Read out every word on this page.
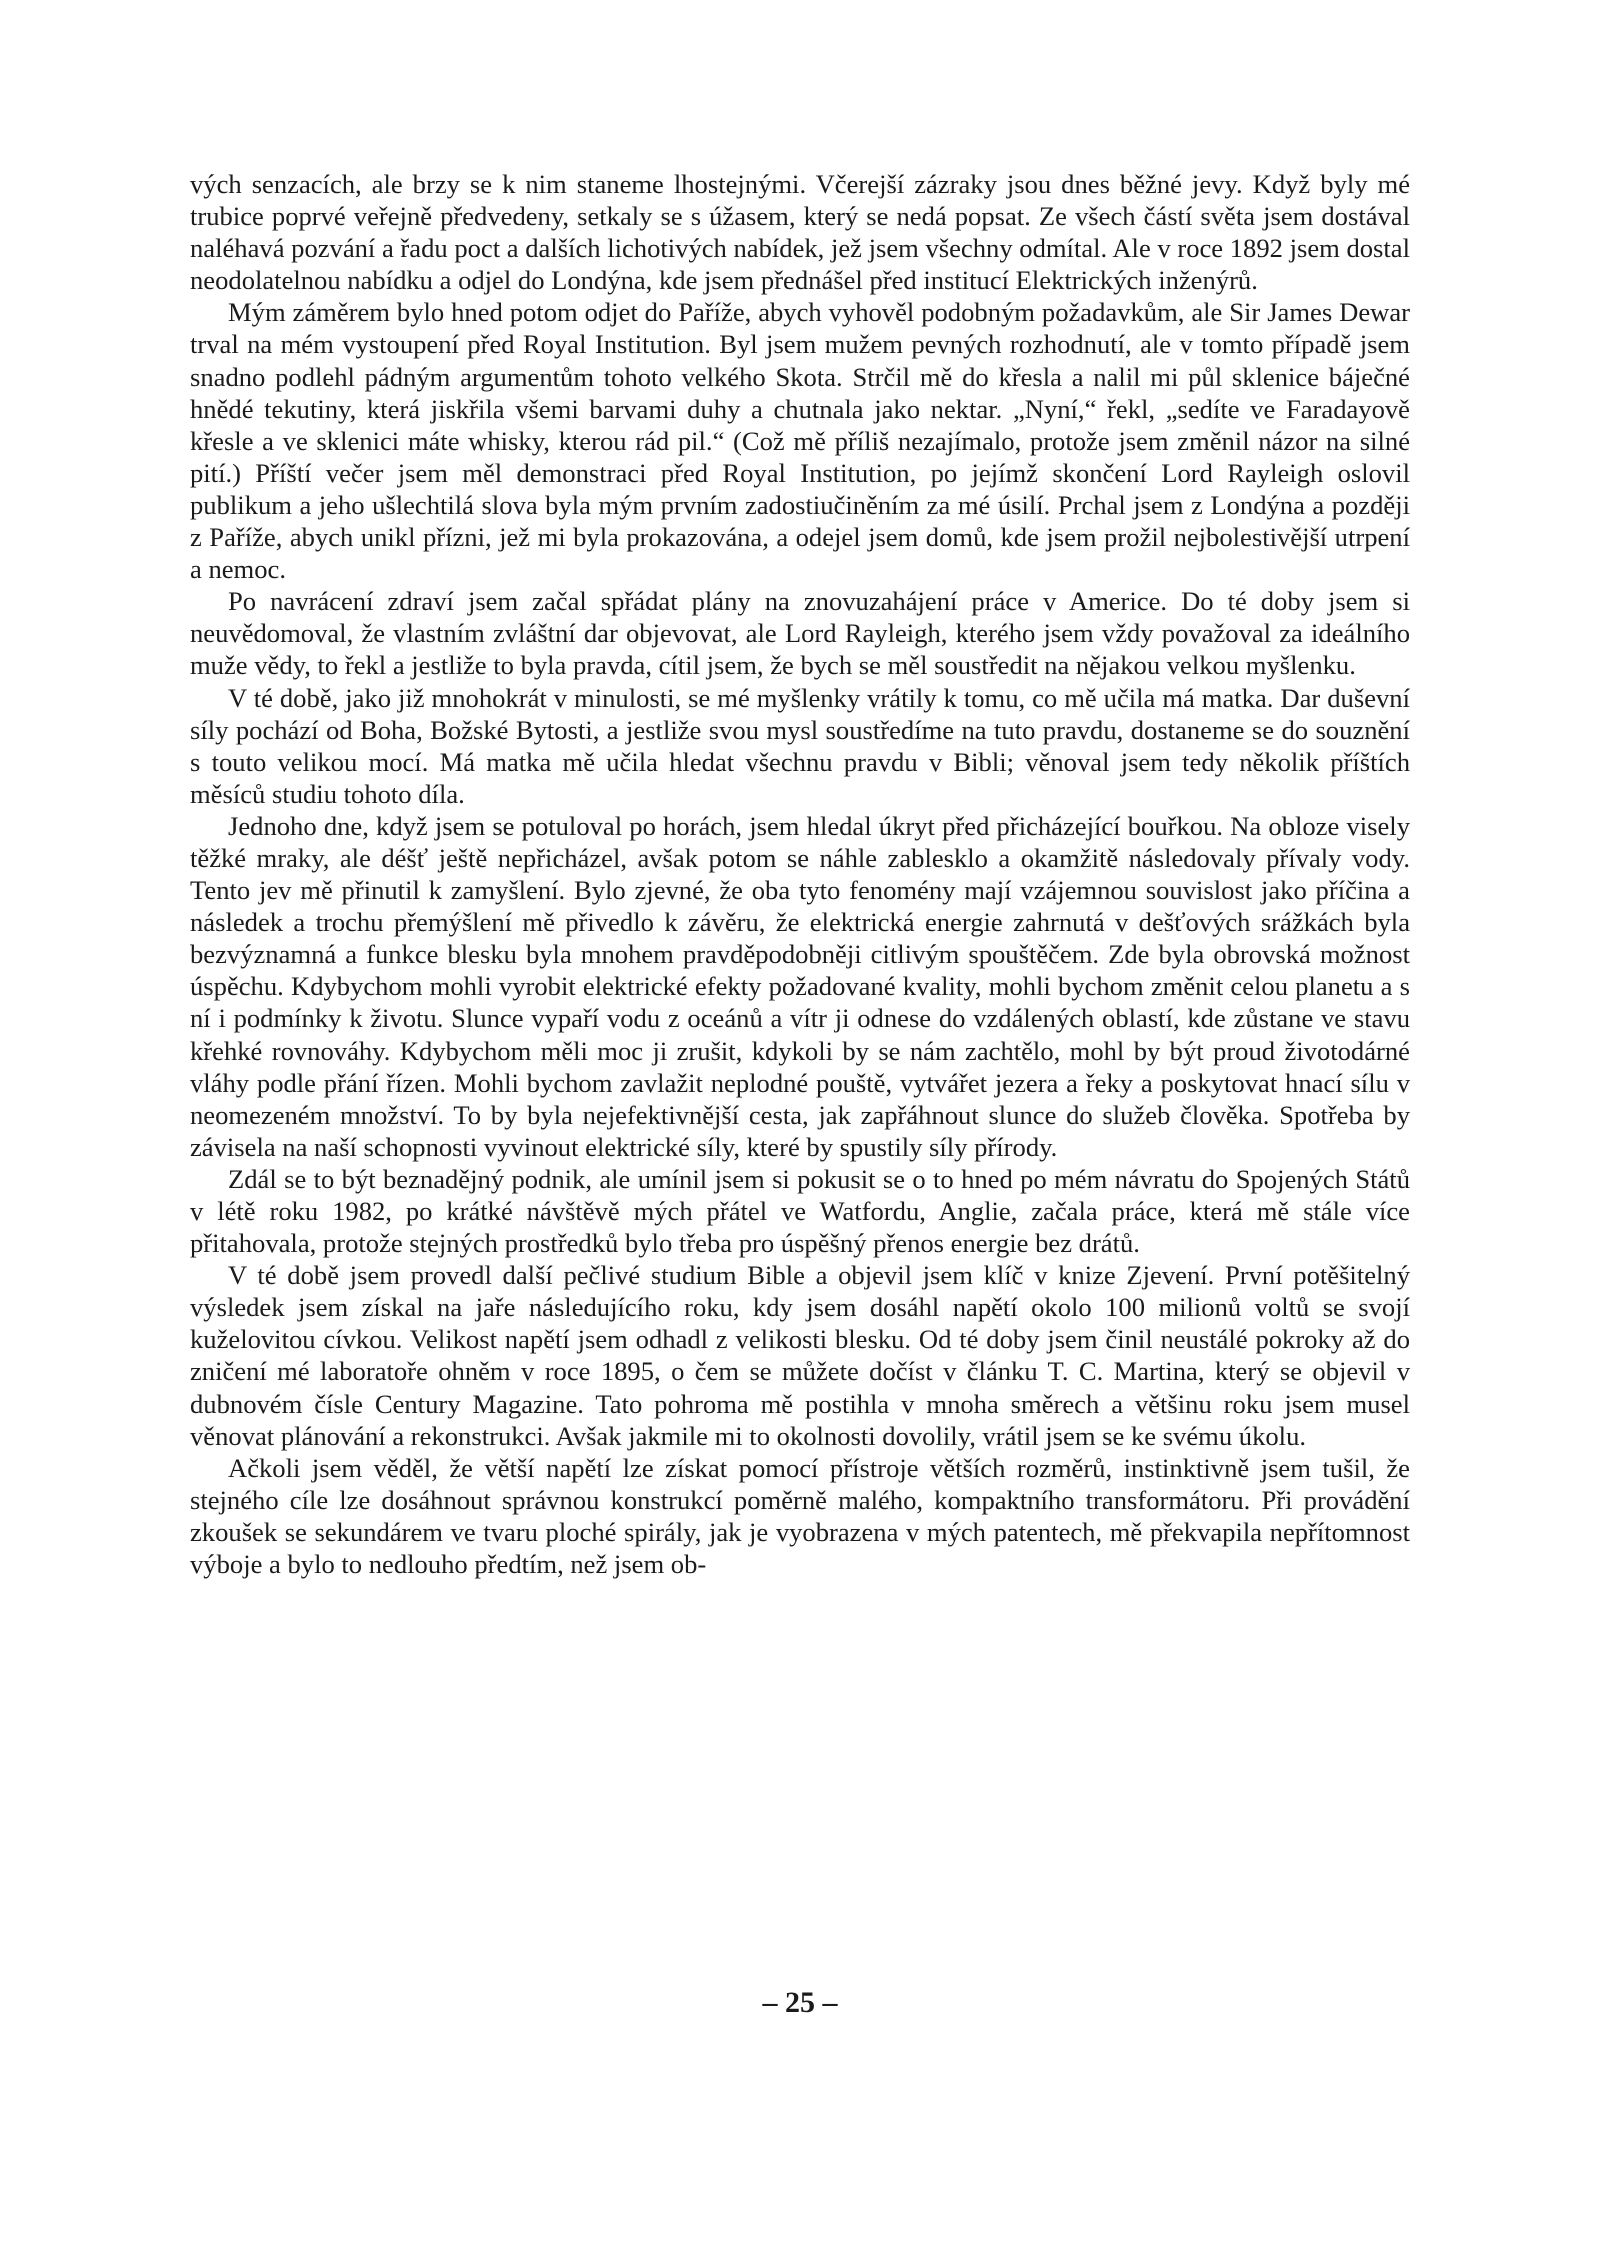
vých senzacích, ale brzy se k nim staneme lhostejnými. Včerejší zázraky jsou dnes běžné jevy. Když byly mé trubice poprvé veřejně předvedeny, setkaly se s úžasem, který se nedá popsat. Ze všech částí světa jsem dostával naléhavá pozvání a řadu poct a dalších lichotivých nabídek, jež jsem všechny odmítal. Ale v roce 1892 jsem dostal neodolatelnou nabídku a odjel do Londýna, kde jsem přednášel před institucí Elektrických inženýrů.

Mým záměrem bylo hned potom odjet do Paříže, abych vyhověl podobným požadavkům, ale Sir James Dewar trval na mém vystoupení před Royal Institution. Byl jsem mužem pevných rozhodnutí, ale v tomto případě jsem snadno podlehl pádným argumentům tohoto velkého Skota. Strčil mě do křesla a nalil mi půl sklenice báječné hnědé tekutiny, která jiskřila všemi barvami duhy a chutnala jako nektar. „Nyní,“ řekl, „sedíte ve Faradayově křesle a ve sklenici máte whisky, kterou rád pil.“ (Což mě příliš nezajímalo, protože jsem změnil názor na silné pití.) Příští večer jsem měl demonstraci před Royal Institution, po jejímž skončení Lord Rayleigh oslovil publikum a jeho ušlechtilá slova byla mým prvním zadostiučiněním za mé úsilí. Prchal jsem z Londýna a později z Paříže, abych unikl přízni, jež mi byla prokazována, a odejel jsem domů, kde jsem prožil nejbolestivější utrpení a nemoc.

Po navrácení zdraví jsem začal spřádat plány na znovuzahájení práce v Americe. Do té doby jsem si neuvědomoval, že vlastním zvláštní dar objevovat, ale Lord Rayleigh, kterého jsem vždy považoval za ideálního muže vědy, to řekl a jestliže to byla pravda, cítil jsem, že bych se měl soustředit na nějakou velkou myšlenku.

V té době, jako již mnohokrát v minulosti, se mé myšlenky vrátily k tomu, co mě učila má matka. Dar duševní síly pochází od Boha, Božské Bytosti, a jestliže svou mysl soustředíme na tuto pravdu, dostaneme se do souznění s touto velikou mocí. Má matka mě učila hledat všechnu pravdu v Bibli; věnoval jsem tedy několik příštích měsíců studiu tohoto díla.

Jednoho dne, když jsem se potuloval po horách, jsem hledal úkryt před přicházející bouřkou. Na obloze visely těžké mraky, ale déšť ještě nepřicházel, avšak potom se náhle zablesklo a okamžitě následovaly přívaly vody. Tento jev mě přinutil k zamyšlení. Bylo zjevné, že oba tyto fenomény mají vzájemnou souvislost jako příčina a následek a trochu přemýšlení mě přivedlo k závěru, že elektrická energie zahrnutá v dešťových srážkách byla bezvýznamná a funkce blesku byla mnohem pravděpodobněji citlivým spouštěčem. Zde byla obrovská možnost úspěchu. Kdybychom mohli vyrobit elektrické efekty požadované kvality, mohli bychom změnit celou planetu a s ní i podmínky k životu. Slunce vypaří vodu z oceánů a vítr ji odnese do vzdálených oblastí, kde zůstane ve stavu křehké rovnováhy. Kdybychom měli moc ji zrušit, kdykoli by se nám zachtělo, mohl by být proud životodárné vláhy podle přání řízen. Mohli bychom zavlažit neplodné pouště, vytvářet jezera a řeky a poskytovat hnací sílu v neomezeném množství. To by byla nejefektivnější cesta, jak zapřáhnout slunce do služeb člověka. Spotřeba by závisela na naší schopnosti vyvinout elektrické síly, které by spustily síly přírody.

Zdál se to být beznadějný podnik, ale umínil jsem si pokusit se o to hned po mém návratu do Spojených Států v létě roku 1982, po krátké návštěvě mých přátel ve Watfordu, Anglie, začala práce, která mě stále více přitahovala, protože stejných prostředků bylo třeba pro úspěšný přenos energie bez drátů.

V té době jsem provedl další pečlivé studium Bible a objevil jsem klíč v knize Zjevení. První potěšitelný výsledek jsem získal na jaře následujícího roku, kdy jsem dosáhl napětí okolo 100 milionů voltů se svojí kuželovitou cívkou. Velikost napětí jsem odhadl z velikosti blesku. Od té doby jsem činil neustálé pokroky až do zničení mé laboratoře ohněm v roce 1895, o čem se můžete dočíst v článku T. C. Martina, který se objevil v dubnovém čísle Century Magazine. Tato pohroma mě postihla v mnoha směrech a většinu roku jsem musel věnovat plánování a rekonstrukci. Avšak jakmile mi to okolnosti dovolily, vrátil jsem se ke svému úkolu.

Ačkoli jsem věděl, že větší napětí lze získat pomocí přístroje větších rozměrů, instinktivně jsem tušil, že stejného cíle lze dosáhnout správnou konstrukcí poměrně malého, kompaktního transformátoru. Při provádění zkoušek se sekundárem ve tvaru ploché spirály, jak je vyobrazena v mých patentech, mě překvapila nepřítomnost výboje a bylo to nedlouho předtím, než jsem ob-

– 25 –
